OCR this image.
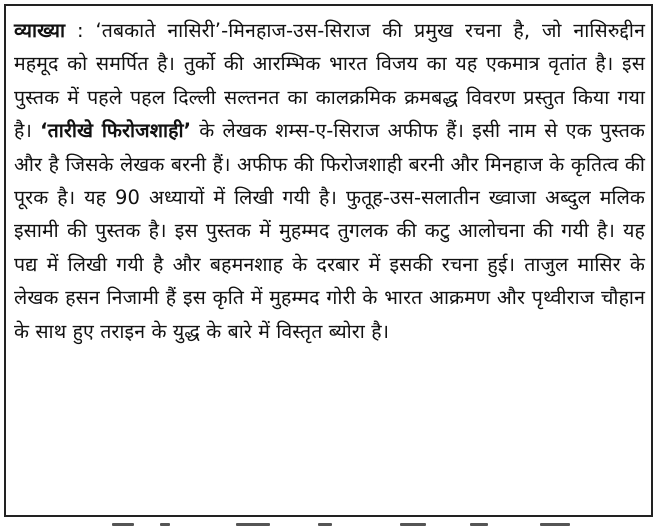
व्याख्या : ‘तबकाते नासिरी’-मिनहाज-उस-सिराज की प्रमुख रचना है, जो नासिरुद्दीन महमूद को समर्पित है। तुर्को की आरम्भिक भारत विजय का यह एकमात्र वृतांत है। इस पुस्तक में पहले पहल दिल्ली सल्तनत का कालक्रमिक क्रमबद्ध विवरण प्रस्तुत किया गया है। ‘तारीखे फिरोजशाही’ के लेखक शम्स-ए-सिराज अफीफ हैं। इसी नाम से एक पुस्तक और है जिसके लेखक बरनी हैं। अफीफ की फिरोजशाही बरनी और मिनहाज के कृतित्व की पूरक है। यह 90 अध्यायों में लिखी गयी है। फुतूह-उस-सलातीन ख्वाजा अब्दुल मलिक इसामी की पुस्तक है। इस पुस्तक में मुहम्मद तुगलक की कटु आलोचना की गयी है। यह पद्य में लिखी गयी है और बहमनशाह के दरबार में इसकी रचना हुई। ताजुल मासिर के लेखक हसन निजामी हैं इस कृति में मुहम्मद गोरी के भारत आक्रमण और पृथ्वीराज चौहान के साथ हुए तराइन के युद्ध के बारे में विस्तृत ब्योरा है।
